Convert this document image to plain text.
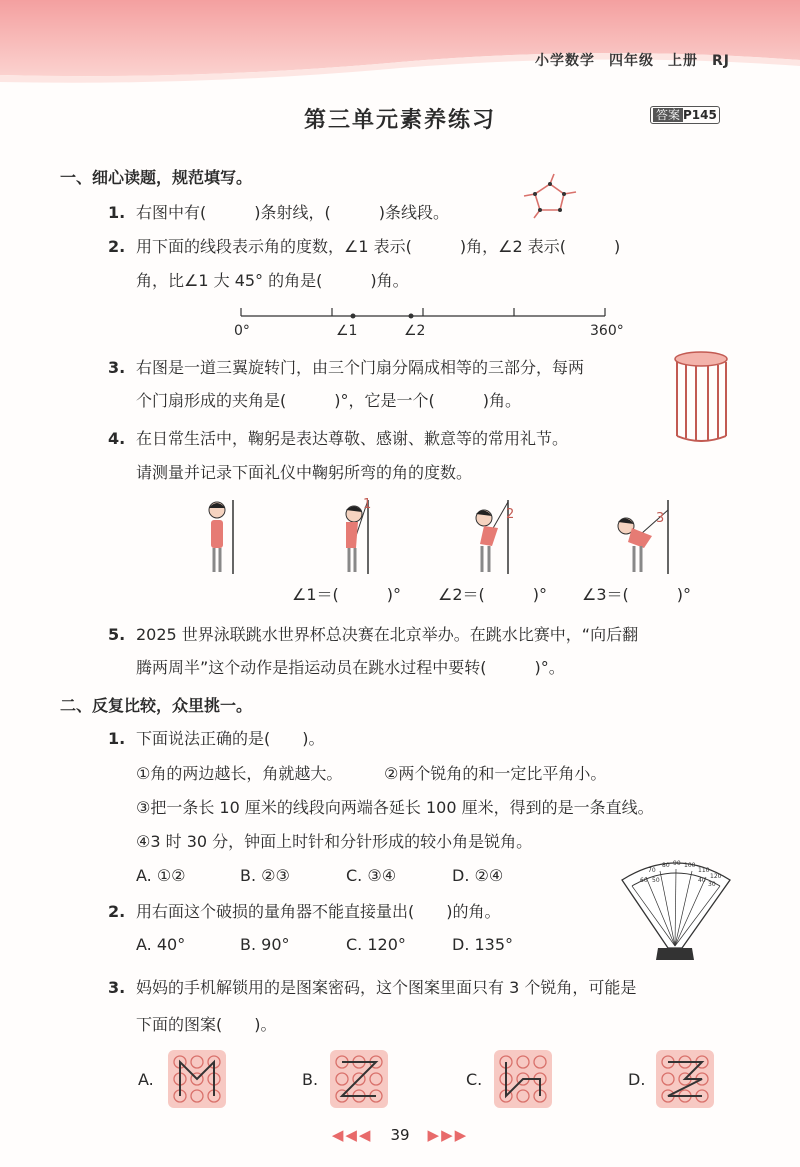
小学数学 四年级 上册 RJ
第三单元素养练习	答案 P145
一、细心读题，规范填写。
1. 右图中有(　　　)条射线，(　　　)条线段。
2. 用下面的线段表示角的度数，∠1 表示(　　　)角，∠2 表示(　　　)
角，比∠1 大 45° 的角是(　　　)角。
0°	∠1	∠2	360°
3. 右图是一道三翼旋转门，由三个门扇分隔成相等的三部分，每两
个门扇形成的夹角是(　　　)°，它是一个(　　　)角。
4. 在日常生活中，鞠躬是表达尊敬、感谢、歉意等的常用礼节。
请测量并记录下面礼仪中鞠躬所弯的角的度数。
1
2	3
∠1＝(　　　)° ∠2＝(　　　)° ∠3＝(　　　)°
5. 2025 世界泳联跳水世界杯总决赛在北京举办。在跳水比赛中，“向后翻
腾两周半”这个动作是指运动员在跳水过程中要转(　　　)°。
二、反复比较，众里挑一。
1. 下面说法正确的是(　　)。
①角的两边越长，角就越大。	②两个锐角的和一定比平角小。
③把一条长 10 厘米的线段向两端各延长 100 厘米，得到的是一条直线。
④3 时 30 分，钟面上时针和分针形成的较小角是锐角。
A. ①②	B. ②③	C. ③④	D. ②④
2. 用右面这个破损的量角器不能直接量出(　　)的角。
A. 40°	B. 90°	C. 120°	D. 135°
70
80 90 100
110
120
60 50	40
30
3. 妈妈的手机解锁用的是图案密码，这个图案里面只有 3 个锐角，可能是
下面的图案(　　)。
A.	B.	C.	D.
◀◀◀ 39 ▶▶▶
